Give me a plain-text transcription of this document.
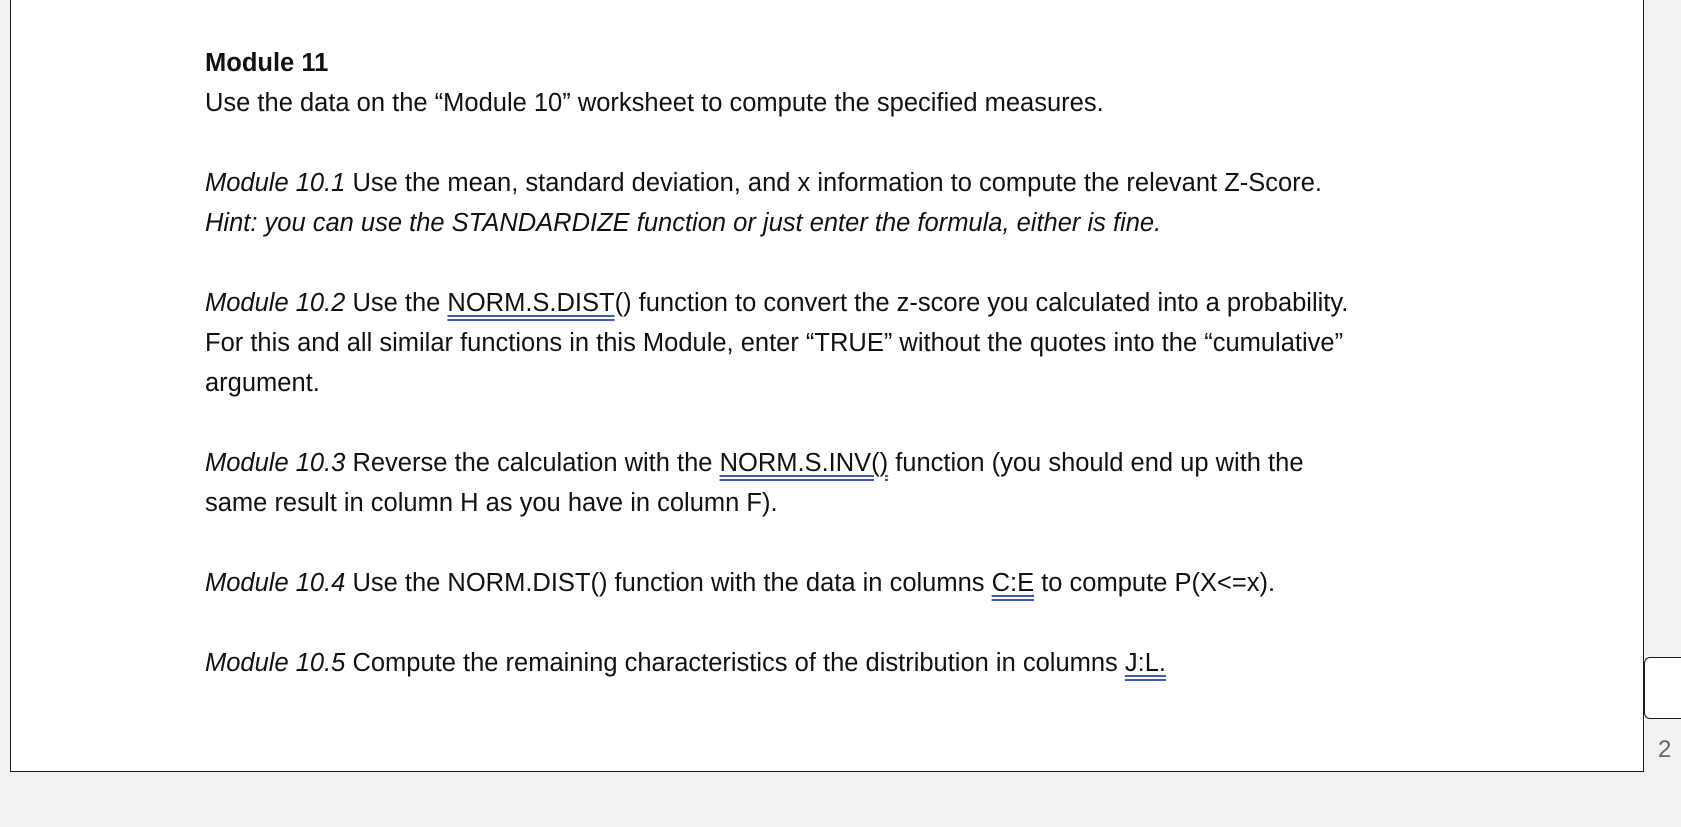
Module 11
Use the data on the “Module 10” worksheet to compute the specified measures.

Module 10.1 Use the mean, standard deviation, and x information to compute the relevant Z-Score.
Hint: you can use the STANDARDIZE function or just enter the formula, either is fine.

Module 10.2 Use the NORM.S.DIST() function to convert the z-score you calculated into a probability. For this and all similar functions in this Module, enter “TRUE” without the quotes into the “cumulative” argument.

Module 10.3 Reverse the calculation with the NORM.S.INV() function (you should end up with the same result in column H as you have in column F).

Module 10.4 Use the NORM.DIST() function with the data in columns C:E to compute P(X<=x).

Module 10.5 Compute the remaining characteristics of the distribution in columns J:L.

2
